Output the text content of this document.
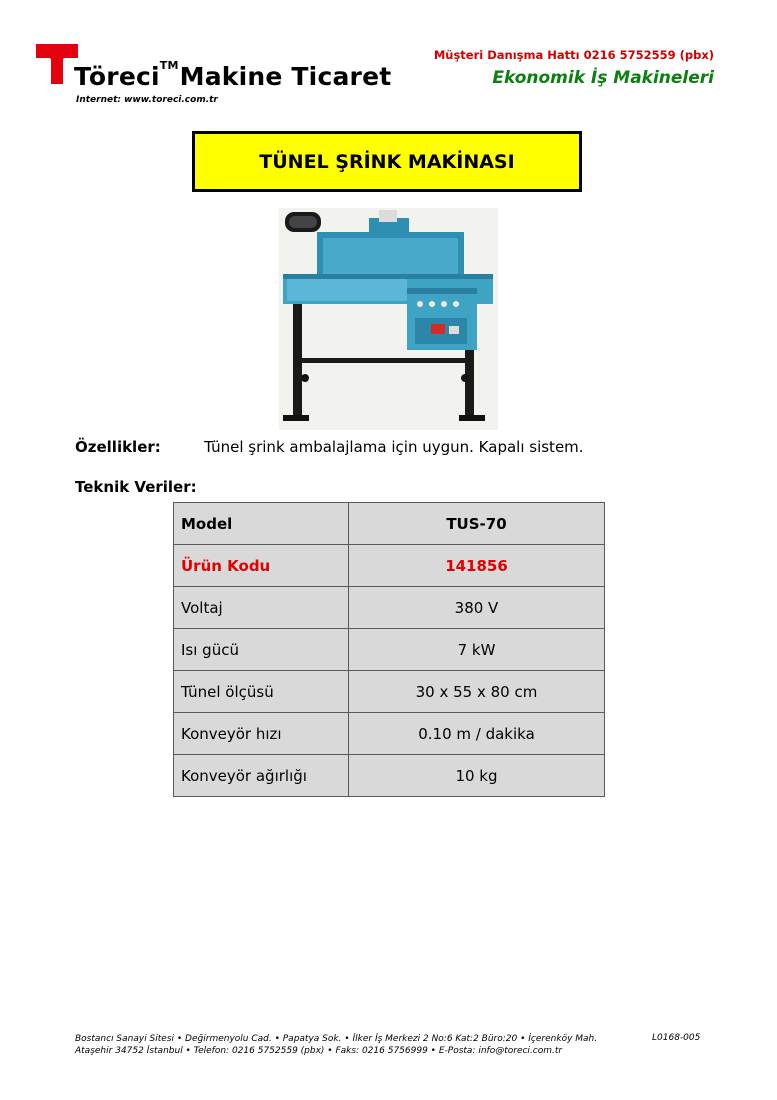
Töreci™Makine Ticaret
Internet: www.toreci.com.tr
Müşteri Danışma Hattı 0216 5752559 (pbx)
Ekonomik İş Makineleri
TÜNEL ŞRİNK MAKİNASI
Özellikler:	Tünel şrink ambalajlama için uygun. Kapalı sistem.
Teknik Veriler:
Model	TUS-70
Ürün Kodu	141856
Voltaj	380 V
Isı gücü	7 kW
Tünel ölçüsü	30 x 55 x 80 cm
Konveyör hızı	0.10 m / dakika
Konveyör ağırlığı	10 kg
Bostancı Sanayi Sitesi • Değirmenyolu Cad. • Papatya Sok. • İlker İş Merkezi 2 No:6 Kat:2 Büro:20 • İçerenköy Mah.
Ataşehir 34752 İstanbul • Telefon: 0216 5752559 (pbx) • Faks: 0216 5756999 • E-Posta: info@toreci.com.tr
L0168-005
